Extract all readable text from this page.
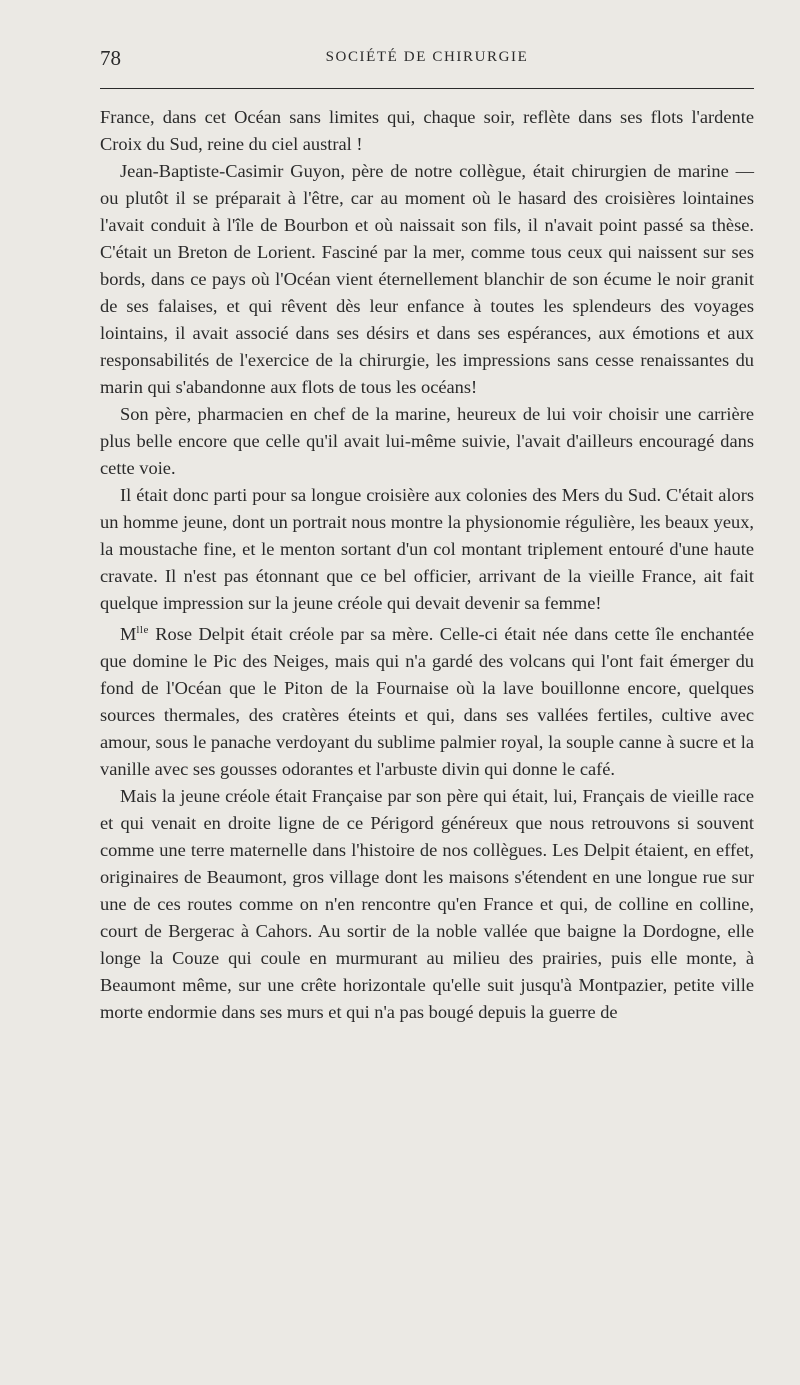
78	SOCIÉTÉ DE CHIRURGIE

France, dans cet Océan sans limites qui, chaque soir, reflète dans ses flots l'ardente Croix du Sud, reine du ciel austral !

Jean-Baptiste-Casimir Guyon, père de notre collègue, était chirurgien de marine — ou plutôt il se préparait à l'être, car au moment où le hasard des croisières lointaines l'avait conduit à l'île de Bourbon et où naissait son fils, il n'avait point passé sa thèse. C'était un Breton de Lorient. Fasciné par la mer, comme tous ceux qui naissent sur ses bords, dans ce pays où l'Océan vient éternellement blanchir de son écume le noir granit de ses falaises, et qui rêvent dès leur enfance à toutes les splendeurs des voyages lointains, il avait associé dans ses désirs et dans ses espérances, aux émotions et aux responsabilités de l'exercice de la chirurgie, les impressions sans cesse renaissantes du marin qui s'abandonne aux flots de tous les océans!

Son père, pharmacien en chef de la marine, heureux de lui voir choisir une carrière plus belle encore que celle qu'il avait lui-même suivie, l'avait d'ailleurs encouragé dans cette voie.

Il était donc parti pour sa longue croisière aux colonies des Mers du Sud. C'était alors un homme jeune, dont un portrait nous montre la physionomie régulière, les beaux yeux, la moustache fine, et le menton sortant d'un col montant triplement entouré d'une haute cravate. Il n'est pas étonnant que ce bel officier, arrivant de la vieille France, ait fait quelque impression sur la jeune créole qui devait devenir sa femme!

$M^{lle}$ Rose Delpit était créole par sa mère. Celle-ci était née dans cette île enchantée que domine le Pic des Neiges, mais qui n'a gardé des volcans qui l'ont fait émerger du fond de l'Océan que le Piton de la Fournaise où la lave bouillonne encore, quelques sources thermales, des cratères éteints et qui, dans ses vallées fertiles, cultive avec amour, sous le panache verdoyant du sublime palmier royal, la souple canne à sucre et la vanille avec ses gousses odorantes et l'arbuste divin qui donne le café.

Mais la jeune créole était Française par son père qui était, lui, Français de vieille race et qui venait en droite ligne de ce Périgord généreux que nous retrouvons si souvent comme une terre maternelle dans l'histoire de nos collègues. Les Delpit étaient, en effet, originaires de Beaumont, gros village dont les maisons s'étendent en une longue rue sur une de ces routes comme on n'en rencontre qu'en France et qui, de colline en colline, court de Bergerac à Cahors. Au sortir de la noble vallée que baigne la Dordogne, elle longe la Couze qui coule en murmurant au milieu des prairies, puis elle monte, à Beaumont même, sur une crête horizontale qu'elle suit jusqu'à Montpazier, petite ville morte endormie dans ses murs et qui n'a pas bougé depuis la guerre de
